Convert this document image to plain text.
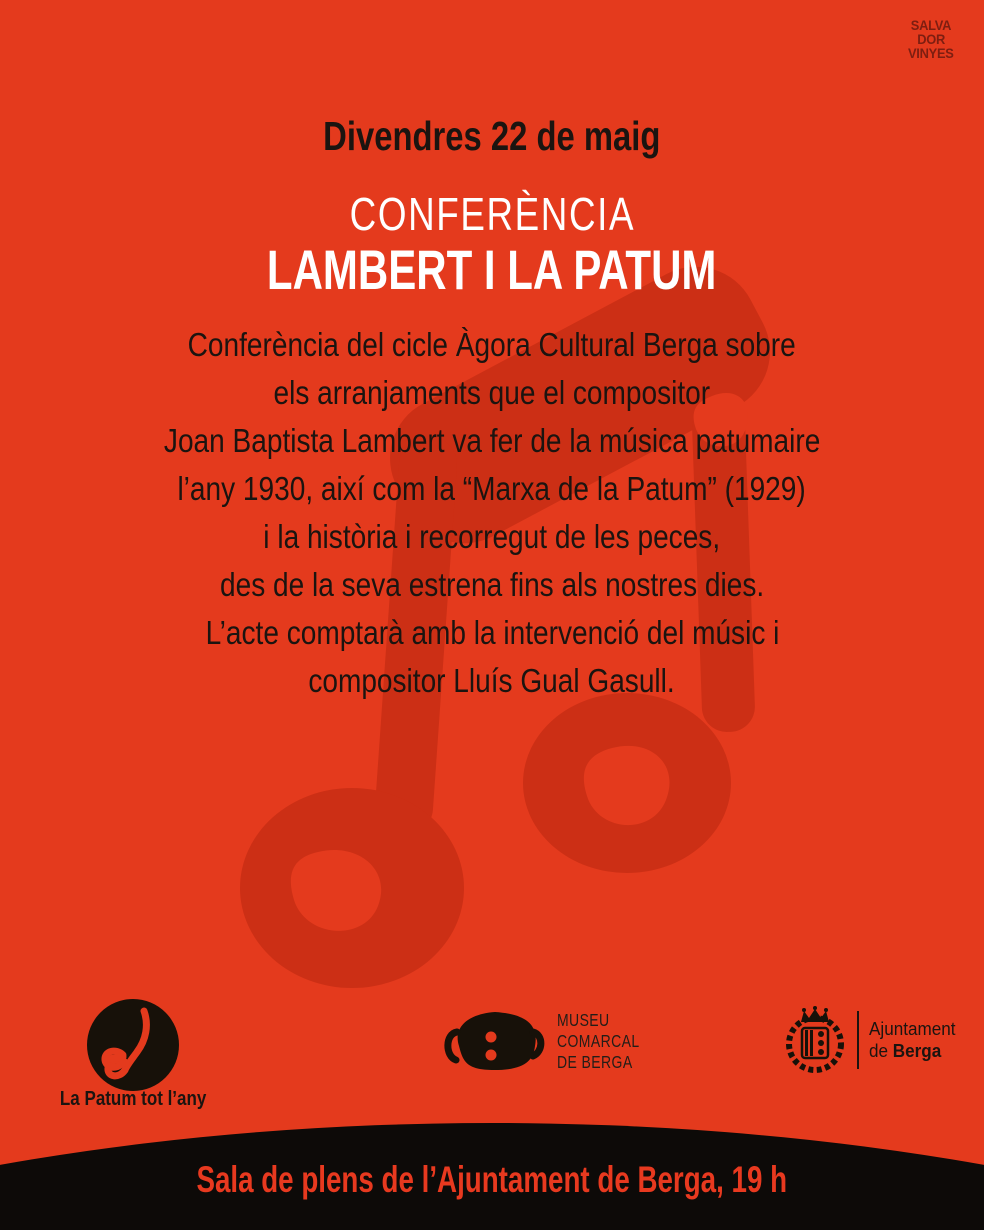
SALVA
DOR
VINYES
Divendres 22 de maig
CONFERÈNCIA
LAMBERT I LA PATUM
Conferència del cicle Àgora Cultural Berga sobre
els arranjaments que el compositor
Joan Baptista Lambert va fer de la música patumaire
l’any 1930, així com la “Marxa de la Patum” (1929)
i la història i recorregut de les peces,
des de la seva estrena fins als nostres dies.
L’acte comptarà amb la intervenció del músic i
compositor Lluís Gual Gasull.
La Patum tot l’any
MUSEU
COMARCAL
DE BERGA
Ajuntament
de Berga
Sala de plens de l’Ajuntament de Berga, 19 h
